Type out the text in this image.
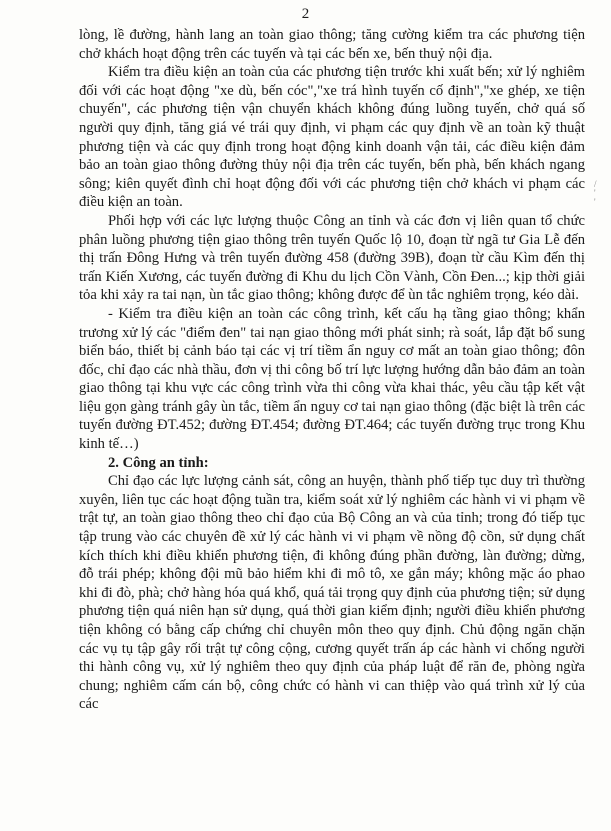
2
/
'
'

lòng, lề đường, hành lang an toàn giao thông; tăng cường kiểm tra các phương tiện chở khách hoạt động trên các tuyến và tại các bến xe, bến thuỷ nội địa.

Kiểm tra điều kiện an toàn của các phương tiện trước khi xuất bến; xử lý nghiêm đối với các hoạt động "xe dù, bến cóc","xe trá hình tuyến cố định","xe ghép, xe tiện chuyến", các phương tiện vận chuyển khách không đúng luồng tuyến, chở quá số người quy định, tăng giá vé trái quy định, vi phạm các quy định về an toàn kỹ thuật phương tiện và các quy định trong hoạt động kinh doanh vận tải, các điều kiện đảm bảo an toàn giao thông đường thủy nội địa trên các tuyến, bến phà, bến khách ngang sông; kiên quyết đình chỉ hoạt động đối với các phương tiện chở khách vi phạm các điều kiện an toàn.

Phối hợp với các lực lượng thuộc Công an tỉnh và các đơn vị liên quan tổ chức phân luồng phương tiện giao thông trên tuyến Quốc lộ 10, đoạn từ ngã tư Gia Lễ đến thị trấn Đông Hưng và trên tuyến đường 458 (đường 39B), đoạn từ cầu Kìm đến thị trấn Kiến Xương, các tuyến đường đi Khu du lịch Cồn Vành, Cồn Đen...; kịp thời giải tỏa khi xảy ra tai nạn, ùn tắc giao thông; không được để ùn tắc nghiêm trọng, kéo dài.

- Kiểm tra điều kiện an toàn các công trình, kết cấu hạ tầng giao thông; khẩn trương xử lý các "điểm đen" tai nạn giao thông mới phát sinh; rà soát, lắp đặt bổ sung biển báo, thiết bị cảnh báo tại các vị trí tiềm ẩn nguy cơ mất an toàn giao thông; đôn đốc, chỉ đạo các nhà thầu, đơn vị thi công bố trí lực lượng hướng dẫn bảo đảm an toàn giao thông tại khu vực các công trình vừa thi công vừa khai thác, yêu cầu tập kết vật liệu gọn gàng tránh gây ùn tắc, tiềm ẩn nguy cơ tai nạn giao thông (đặc biệt là trên các tuyến đường ĐT.452; đường ĐT.454; đường ĐT.464; các tuyến đường trục trong Khu kinh tế…)

2. Công an tỉnh:

Chỉ đạo các lực lượng cảnh sát, công an huyện, thành phố tiếp tục duy trì thường xuyên, liên tục các hoạt động tuần tra, kiểm soát xử lý nghiêm các hành vi vi phạm về trật tự, an toàn giao thông theo chỉ đạo của Bộ Công an và của tỉnh; trong đó tiếp tục tập trung vào các chuyên đề xử lý các hành vi vi phạm về nồng độ cồn, sử dụng chất kích thích khi điều khiển phương tiện, đi không đúng phần đường, làn đường; dừng, đỗ trái phép; không đội mũ bảo hiểm khi đi mô tô, xe gắn máy; không mặc áo phao khi đi đò, phà; chở hàng hóa quá khổ, quá tải trọng quy định của phương tiện; sử dụng phương tiện quá niên hạn sử dụng, quá thời gian kiểm định; người điều khiển phương tiện không có bằng cấp chứng chỉ chuyên môn theo quy định. Chủ động ngăn chặn các vụ tụ tập gây rối trật tự công cộng, cương quyết trấn áp các hành vi chống người thi hành công vụ, xử lý nghiêm theo quy định của pháp luật để răn đe, phòng ngừa chung; nghiêm cấm cán bộ, công chức có hành vi can thiệp vào quá trình xử lý của các
